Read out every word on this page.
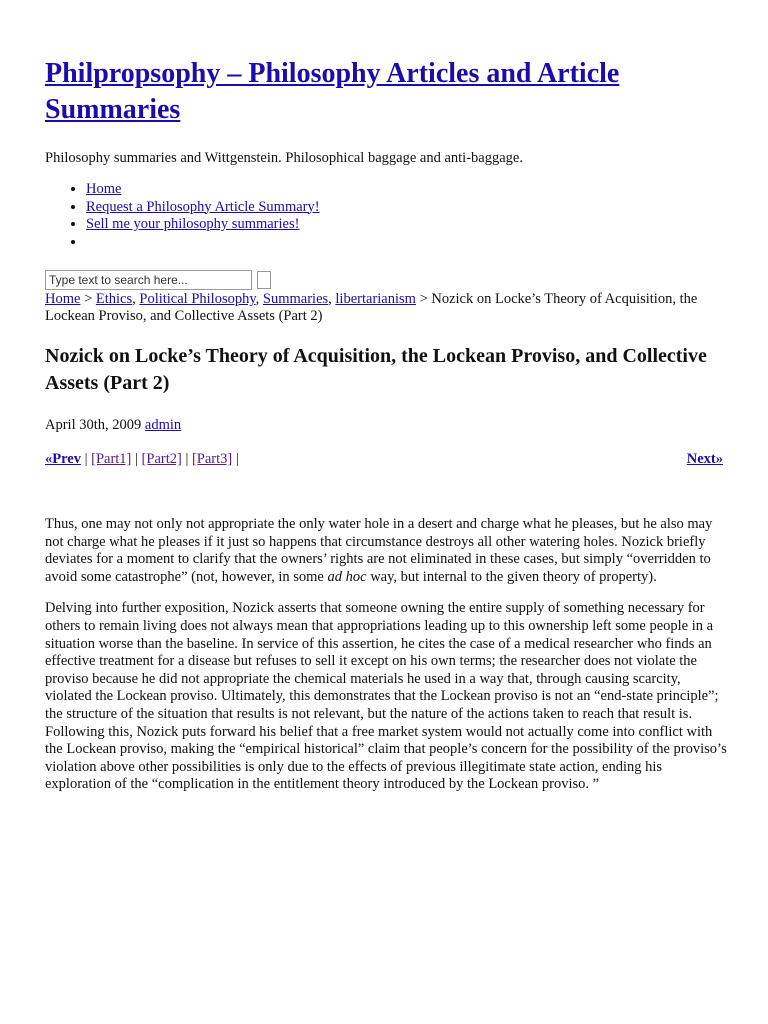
Philpropsophy – Philosophy Articles and Article Summaries

Philosophy summaries and Wittgenstein. Philosophical baggage and anti-baggage.

• Home
• Request a Philosophy Article Summary!
• Sell me your philosophy summaries!
•
Type text to search here...

Home > Ethics, Political Philosophy, Summaries, libertarianism > Nozick on Locke’s Theory of Acquisition, the Lockean Proviso, and Collective Assets (Part 2)

Nozick on Locke’s Theory of Acquisition, the Lockean Proviso, and Collective Assets (Part 2)

April 30th, 2009 admin

«Prev | [Part1] | [Part2] | [Part3] |	Next»

Thus, one may not only not appropriate the only water hole in a desert and charge what he pleases, but he also may not charge what he pleases if it just so happens that circumstance destroys all other watering holes. Nozick briefly deviates for a moment to clarify that the owners’ rights are not eliminated in these cases, but simply “overridden to avoid some catastrophe” (not, however, in some ad hoc way, but internal to the given theory of property).

Delving into further exposition, Nozick asserts that someone owning the entire supply of something necessary for others to remain living does not always mean that appropriations leading up to this ownership left some people in a situation worse than the baseline. In service of this assertion, he cites the case of a medical researcher who finds an effective treatment for a disease but refuses to sell it except on his own terms; the researcher does not violate the proviso because he did not appropriate the chemical materials he used in a way that, through causing scarcity, violated the Lockean proviso. Ultimately, this demonstrates that the Lockean proviso is not an “end-state principle”; the structure of the situation that results is not relevant, but the nature of the actions taken to reach that result is. Following this, Nozick puts forward his belief that a free market system would not actually come into conflict with the Lockean proviso, making the “empirical historical” claim that people’s concern for the possibility of the proviso’s violation above other possibilities is only due to the effects of previous illegitimate state action, ending his exploration of the “complication in the entitlement theory introduced by the Lockean proviso. ”
